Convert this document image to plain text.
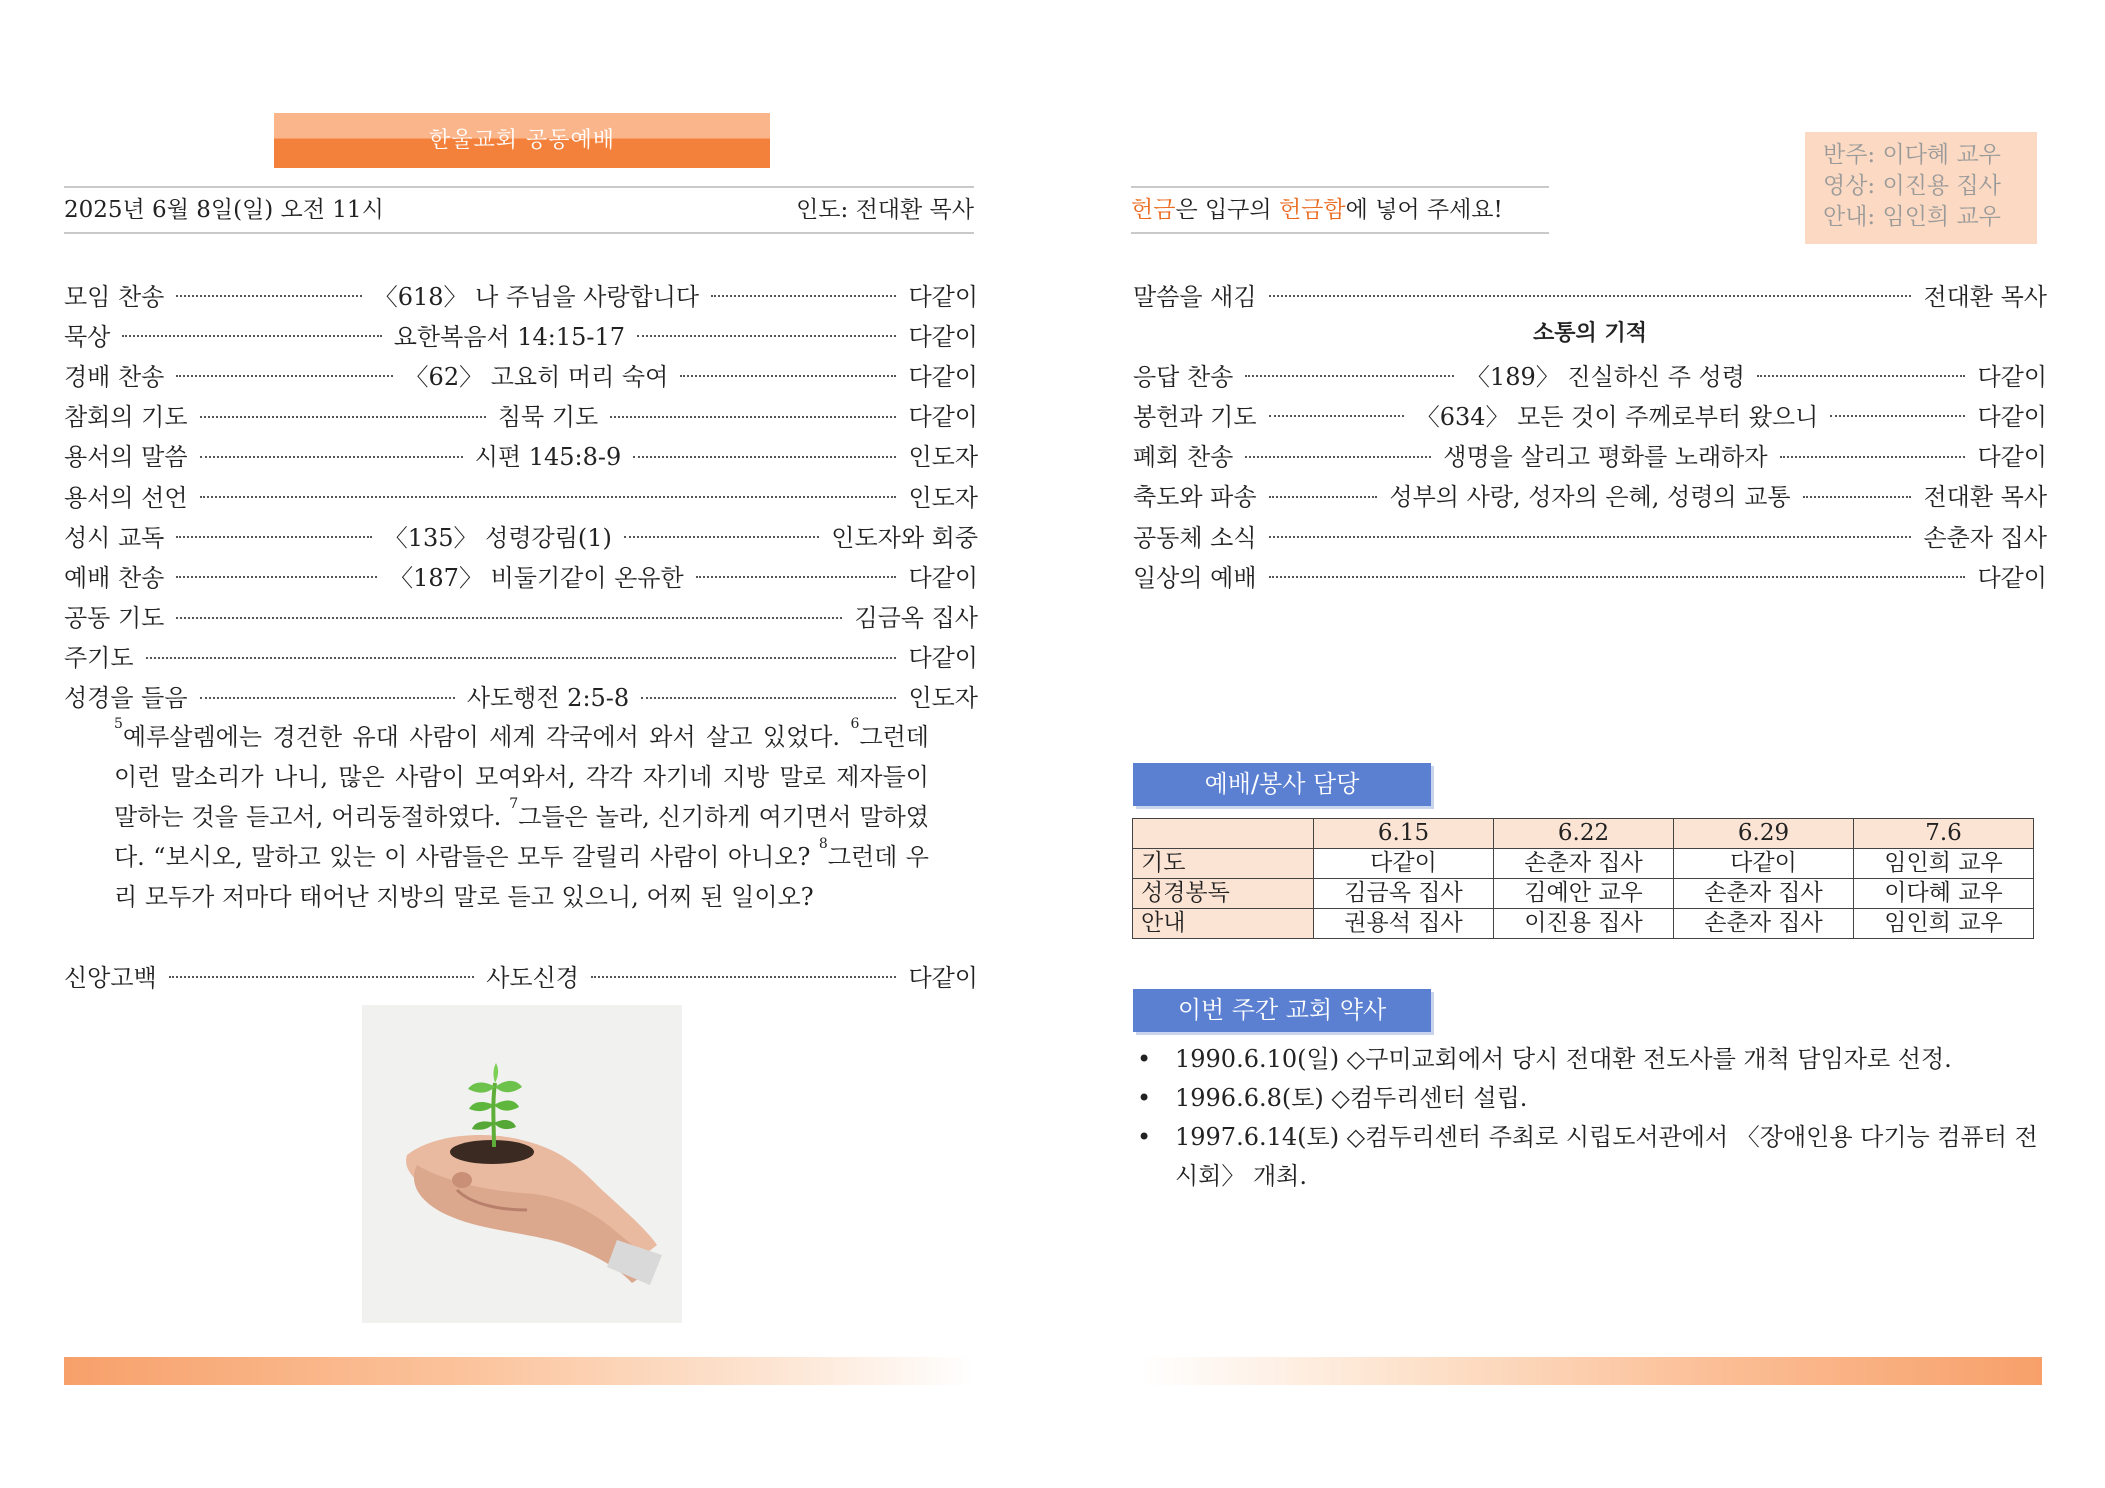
한울교회 공동예배
2025년 6월 8일(일) 오전 11시	인도: 전대환 목사
모임 찬송	〈618〉 나 주님을 사랑합니다	다같이
묵상	요한복음서 14:15-17	다같이
경배 찬송	〈62〉 고요히 머리 숙여	다같이
참회의 기도	침묵 기도	다같이
용서의 말씀	시편 145:8-9	인도자
용서의 선언	인도자
성시 교독	〈135〉 성령강림(1)	인도자와 회중
예배 찬송	〈187〉 비둘기같이 온유한	다같이
공동 기도	김금옥 집사
주기도	다같이
성경을 들음	사도행전 2:5-8	인도자
$^5$예루살렘에는 경건한 유대 사람이 세계 각국에서 와서 살고 있었다. $^6$그런데 이런 말소리가 나니, 많은 사람이 모여와서, 각각 자기네 지방 말로 제자들이 말하는 것을 듣고서, 어리둥절하였다. $^7$그들은 놀라, 신기하게 여기면서 말하였다. “보시오, 말하고 있는 이 사람들은 모두 갈릴리 사람이 아니오? $^8$그런데 우리 모두가 저마다 태어난 지방의 말로 듣고 있으니, 어찌 된 일이오?
신앙고백	사도신경	다같이
헌금은 입구의 헌금함에 넣어 주세요!
반주: 이다혜 교우
영상: 이진용 집사
안내: 임인희 교우
말씀을 새김	전대환 목사
소통의 기적
응답 찬송	〈189〉 진실하신 주 성령	다같이
봉헌과 기도	〈634〉 모든 것이 주께로부터 왔으니	다같이
폐회 찬송	생명을 살리고 평화를 노래하자	다같이
축도와 파송	성부의 사랑, 성자의 은혜, 성령의 교통	전대환 목사
공동체 소식	손춘자 집사
일상의 예배	다같이
예배/봉사 담당
	6.15	6.22	6.29	7.6
기도	다같이	손춘자 집사	다같이	임인희 교우
성경봉독	김금옥 집사	김예안 교우	손춘자 집사	이다혜 교우
안내	권용석 집사	이진용 집사	손춘자 집사	임인희 교우
이번 주간 교회 약사
• 1990.6.10(일) ◇구미교회에서 당시 전대환 전도사를 개척 담임자로 선정.
• 1996.6.8(토) ◇컴두리센터 설립.
• 1997.6.14(토) ◇컴두리센터 주최로 시립도서관에서 〈장애인용 다기능 컴퓨터 전시회〉 개최.
